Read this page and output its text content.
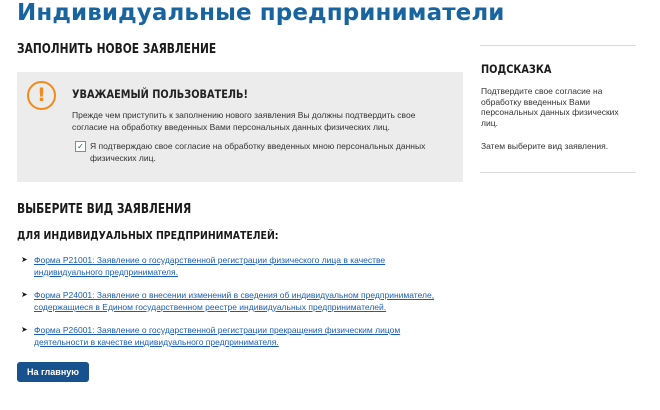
Индивидуальные предприниматели
ЗАПОЛНИТЬ НОВОЕ ЗАЯВЛЕНИЕ
!	УВАЖАЕМЫЙ ПОЛЬЗОВАТЕЛЬ!
Прежде чем приступить к заполнению нового заявления Вы должны подтвердить свое согласие на обработку введенных Вами персональных данных физических лиц.
✓ Я подтверждаю свое согласие на обработку введенных мною персональных данных физических лиц.
ПОДСКАЗКА
Подтвердите свое согласие на обработку введенных Вами персональных данных физических лиц.
Затем выберите вид заявления.
ВЫБЕРИТЕ ВИД ЗАЯВЛЕНИЯ
ДЛЯ ИНДИВИДУАЛЬНЫХ ПРЕДПРИНИМАТЕЛЕЙ:
➤ Форма Р21001: Заявление о государственной регистрации физического лица в качестве
индивидуального предпринимателя.
➤ Форма Р24001: Заявление о внесении изменений в сведения об индивидуальном предпринимателе,
содержащиеся в Едином государственном реестре индивидуальных предпринимателей.
➤ Форма Р26001: Заявление о государственной регистрации прекращения физическим лицом
деятельности в качестве индивидуального предпринимателя.
На главную
